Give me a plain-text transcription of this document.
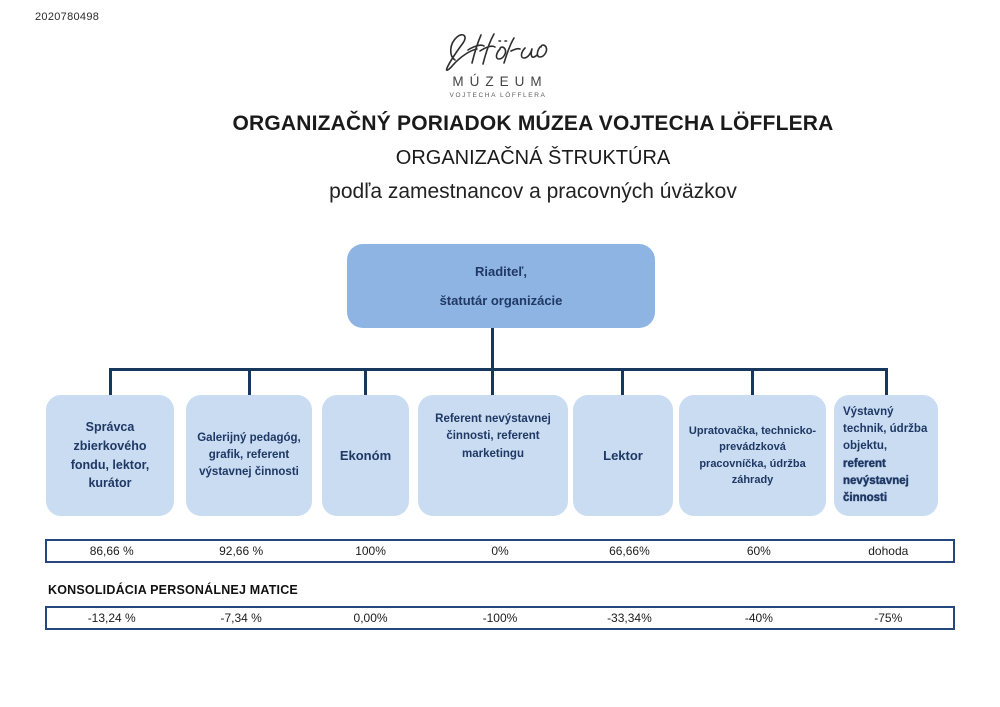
2020780498
MÚZEUM
VOJTECHA LÖFFLERA
ORGANIZAČNÝ PORIADOK MÚZEA VOJTECHA LÖFFLERA
ORGANIZAČNÁ ŠTRUKTÚRA
podľa zamestnancov a pracovných úväzkov
Riaditeľ,
štatutár organizácie
Správca zbierkového fondu, lektor, kurátor
Galerijný pedagóg, grafik, referent výstavnej činnosti
Ekonóm
Referent nevýstavnej činnosti, referent marketingu	Lektor
Upratovačka, technicko-prevádzková pracovníčka, údržba záhrady
Výstavný technik, údržba objektu, referent nevýstavnej činnosti
86,66 %	92,66 %	100%	0%	66,66%	60%	dohoda
KONSOLIDÁCIA PERSONÁLNEJ MATICE
-13,24 %	-7,34 %	0,00%	-100%	-33,34%	-40%	-75%
